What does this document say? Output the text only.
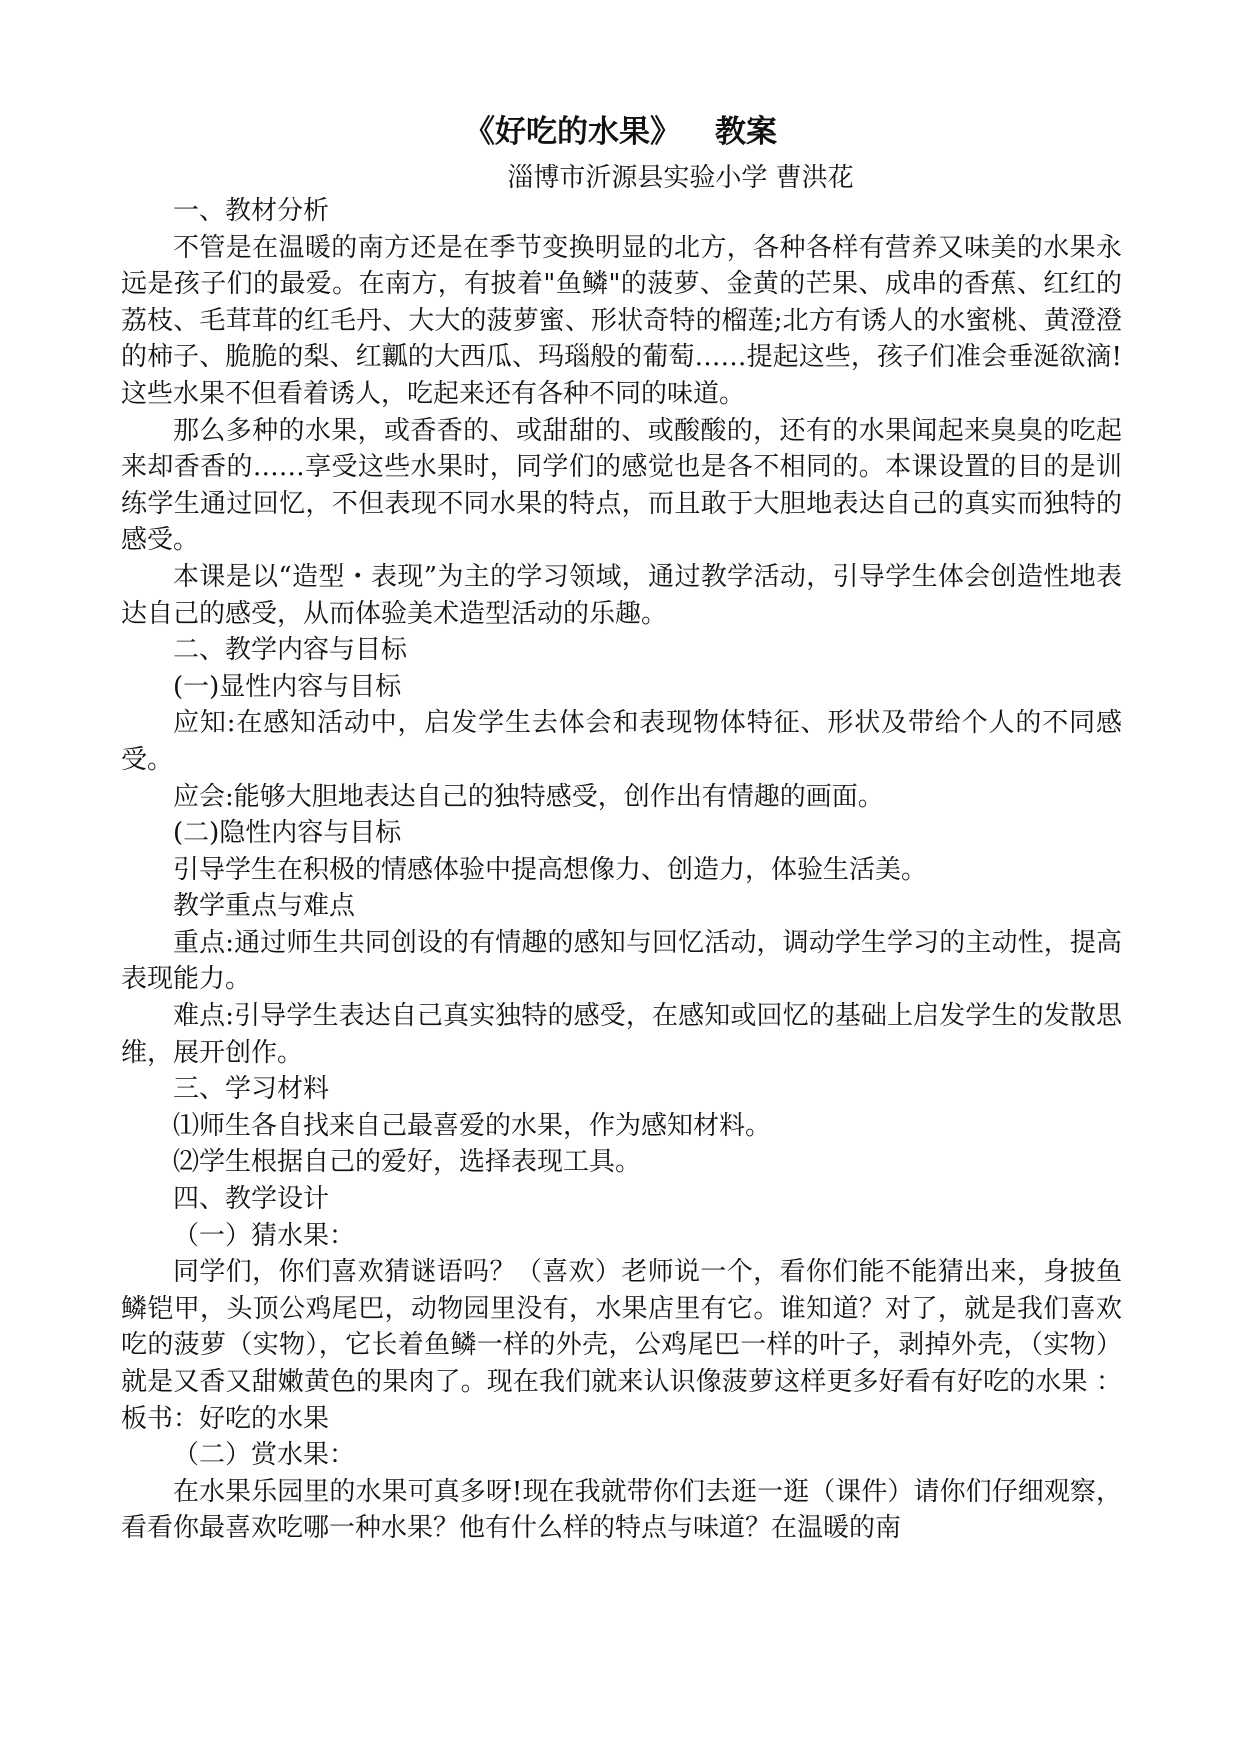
《好吃的水果》 教案
淄博市沂源县实验小学 曹洪花

一、教材分析

不管是在温暖的南方还是在季节变换明显的北方，各种各样有营养又味美的水果永远是孩子们的最爱。在南方，有披着"鱼鳞"的菠萝、金黄的芒果、成串的香蕉、红红的荔枝、毛茸茸的红毛丹、大大的菠萝蜜、形状奇特的榴莲;北方有诱人的水蜜桃、黄澄澄的柿子、脆脆的梨、红瓤的大西瓜、玛瑙般的葡萄……提起这些，孩子们准会垂涎欲滴!这些水果不但看着诱人，吃起来还有各种不同的味道。

那么多种的水果，或香香的、或甜甜的、或酸酸的，还有的水果闻起来臭臭的吃起来却香香的……享受这些水果时，同学们的感觉也是各不相同的。本课设置的目的是训练学生通过回忆，不但表现不同水果的特点，而且敢于大胆地表达自己的真实而独特的感受。

本课是以“造型・表现”为主的学习领域，通过教学活动，引导学生体会创造性地表达自己的感受，从而体验美术造型活动的乐趣。

二、教学内容与目标

(一)显性内容与目标

应知:在感知活动中，启发学生去体会和表现物体特征、形状及带给个人的不同感受。

应会:能够大胆地表达自己的独特感受，创作出有情趣的画面。

(二)隐性内容与目标

引导学生在积极的情感体验中提高想像力、创造力，体验生活美。

教学重点与难点

重点:通过师生共同创设的有情趣的感知与回忆活动，调动学生学习的主动性，提高表现能力。

难点:引导学生表达自己真实独特的感受，在感知或回忆的基础上启发学生的发散思维，展开创作。

三、学习材料

⑴师生各自找来自己最喜爱的水果，作为感知材料。

⑵学生根据自己的爱好，选择表现工具。

四、教学设计

（一）猜水果：

同学们，你们喜欢猜谜语吗？（喜欢）老师说一个，看你们能不能猜出来，身披鱼鳞铠甲，头顶公鸡尾巴，动物园里没有，水果店里有它。谁知道？对了，就是我们喜欢吃的菠萝（实物），它长着鱼鳞一样的外壳，公鸡尾巴一样的叶子，剥掉外壳，（实物）就是又香又甜嫩黄色的果肉了。现在我们就来认识像菠萝这样更多好看有好吃的水果 ：板书：好吃的水果

（二）赏水果：

在水果乐园里的水果可真多呀!现在我就带你们去逛一逛（课件）请你们仔细观察，看看你最喜欢吃哪一种水果？他有什么样的特点与味道？在温暖的南
